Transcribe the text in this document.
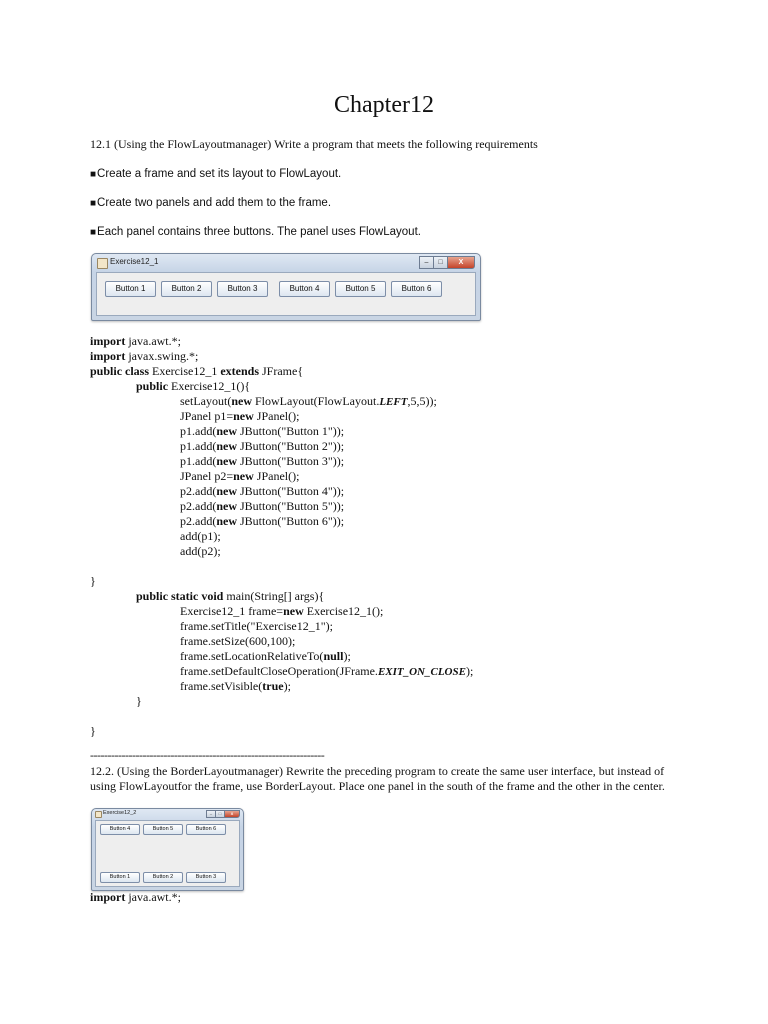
Chapter12
12.1 (Using the FlowLayoutmanager) Write a program that meets the following requirements
■Create a frame and set its layout to FlowLayout.
■Create two panels and add them to the frame.
■Each panel contains three buttons. The panel uses FlowLayout.
Exercise12_1	–	□	X
Button 1	Button 2	Button 3	Button 4	Button 5	Button 6
import java.awt.*;
import javax.swing.*;
public class Exercise12_1 extends JFrame{
public Exercise12_1(){
setLayout(new FlowLayout(FlowLayout.LEFT,5,5));
JPanel p1=new JPanel();
p1.add(new JButton("Button 1"));
p1.add(new JButton("Button 2"));
p1.add(new JButton("Button 3"));
JPanel p2=new JPanel();
p2.add(new JButton("Button 4"));
p2.add(new JButton("Button 5"));
p2.add(new JButton("Button 6"));
add(p1);
add(p2);
}
public static void main(String[] args){
Exercise12_1 frame=new Exercise12_1();
frame.setTitle("Exercise12_1");
frame.setSize(600,100);
frame.setLocationRelativeTo(null);
frame.setDefaultCloseOperation(JFrame.EXIT_ON_CLOSE);
frame.setVisible(true);
}
}
-------------------------------------------------------------------
12.2. (Using the BorderLayoutmanager) Rewrite the preceding program to create the same user interface, but instead of using FlowLayoutfor the frame, use BorderLayout. Place one panel in the south of the frame and the other in the center.
Exercise12_2	–	□	X
Button 4	Button 5	Button 6
Button 1	Button 2	Button 3
import java.awt.*;
